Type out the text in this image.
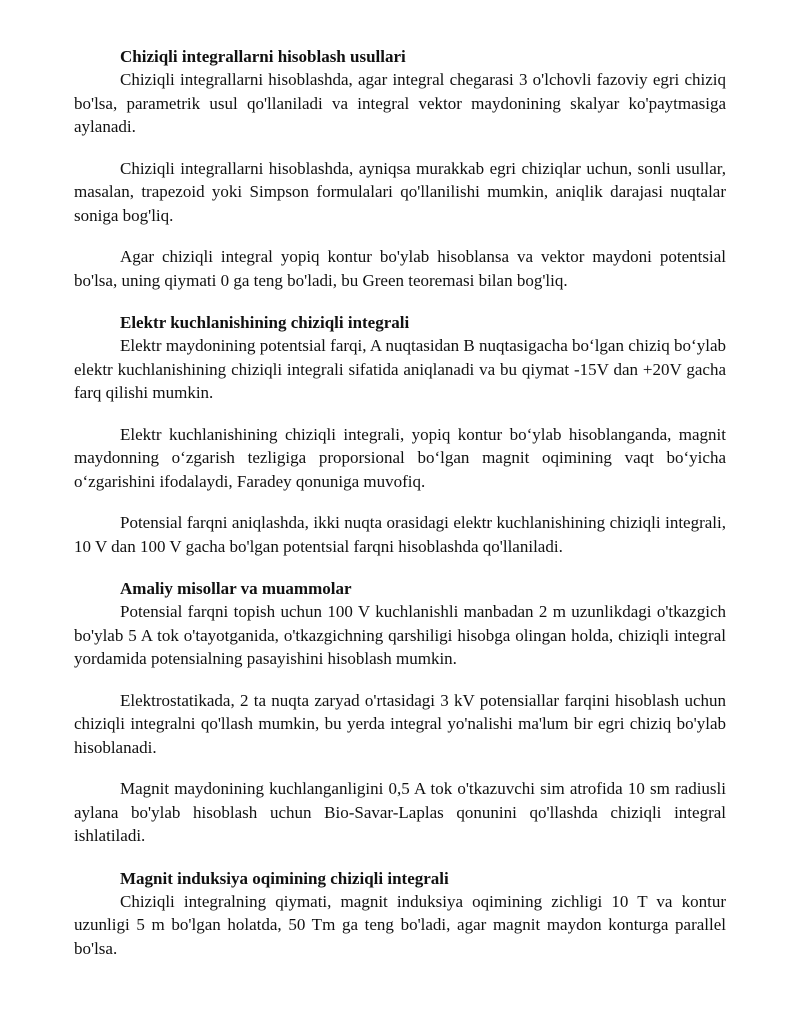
Chiziqli integrallarni hisoblash usullari

Chiziqli integrallarni hisoblashda, agar integral chegarasi 3 o'lchovli fazoviy egri chiziq bo'lsa, parametrik usul qo'llaniladi va integral vektor maydonining skalyar ko'paytmasiga aylanadi.

Chiziqli integrallarni hisoblashda, ayniqsa murakkab egri chiziqlar uchun, sonli usullar, masalan, trapezoid yoki Simpson formulalari qo'llanilishi mumkin, aniqlik darajasi nuqtalar soniga bog'liq.

Agar chiziqli integral yopiq kontur bo'ylab hisoblansa va vektor maydoni potentsial bo'lsa, uning qiymati 0 ga teng bo'ladi, bu Green teoremasi bilan bog'liq.

Elektr kuchlanishining chiziqli integrali

Elektr maydonining potentsial farqi, A nuqtasidan B nuqtasigacha bo‘lgan chiziq bo‘ylab elektr kuchlanishining chiziqli integrali sifatida aniqlanadi va bu qiymat -15V dan +20V gacha farq qilishi mumkin.

Elektr kuchlanishining chiziqli integrali, yopiq kontur bo‘ylab hisoblanganda, magnit maydonning o‘zgarish tezligiga proporsional bo‘lgan magnit oqimining vaqt bo‘yicha o‘zgarishini ifodalaydi, Faradey qonuniga muvofiq.

Potensial farqni aniqlashda, ikki nuqta orasidagi elektr kuchlanishining chiziqli integrali, 10 V dan 100 V gacha bo'lgan potentsial farqni hisoblashda qo'llaniladi.

Amaliy misollar va muammolar

Potensial farqni topish uchun 100 V kuchlanishli manbadan 2 m uzunlikdagi o'tkazgich bo'ylab 5 A tok o'tayotganida, o'tkazgichning qarshiligi hisobga olingan holda, chiziqli integral yordamida potensialning pasayishini hisoblash mumkin.

Elektrostatikada, 2 ta nuqta zaryad o'rtasidagi 3 kV potensiallar farqini hisoblash uchun chiziqli integralni qo'llash mumkin, bu yerda integral yo'nalishi ma'lum bir egri chiziq bo'ylab hisoblanadi.

Magnit maydonining kuchlanganligini 0,5 A tok o'tkazuvchi sim atrofida 10 sm radiusli aylana bo'ylab hisoblash uchun Bio-Savar-Laplas qonunini qo'llashda chiziqli integral ishlatiladi.

Magnit induksiya oqimining chiziqli integrali

Chiziqli integralning qiymati, magnit induksiya oqimining zichligi 10 T va kontur uzunligi 5 m bo'lgan holatda, 50 Tm ga teng bo'ladi, agar magnit maydon konturga parallel bo'lsa.
